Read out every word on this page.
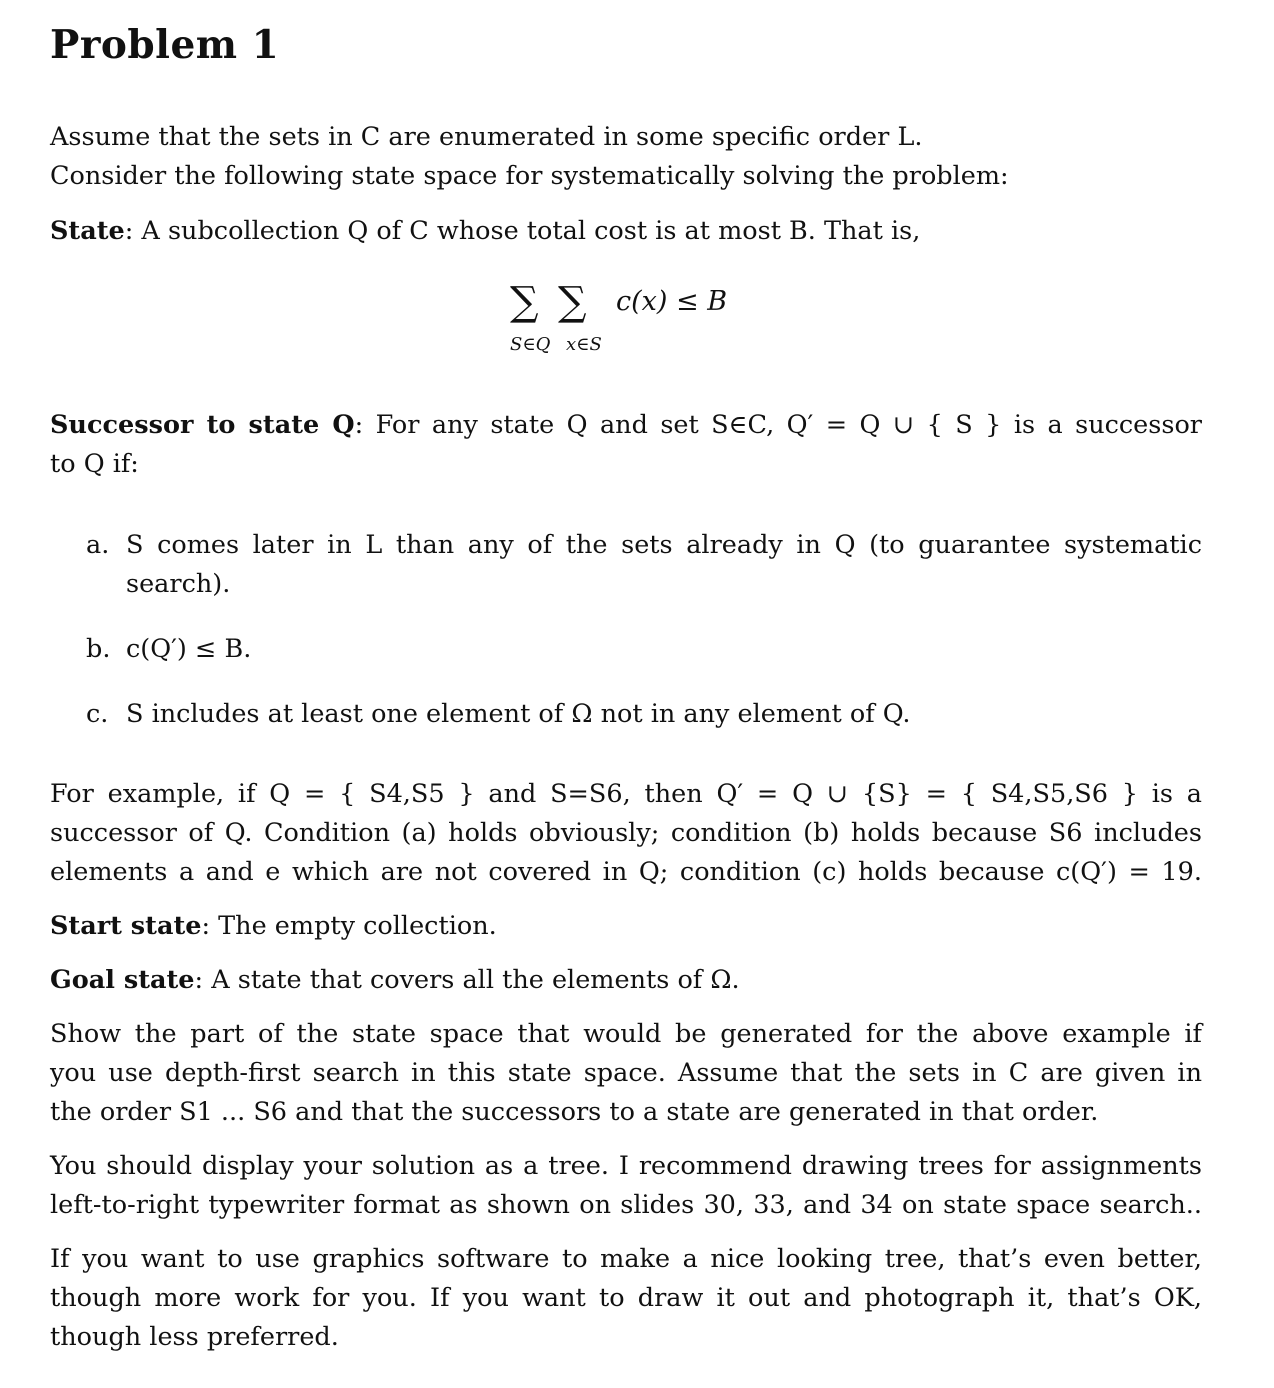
Problem 1
Assume that the sets in C are enumerated in some specific order L.
Consider the following state space for systematically solving the problem:
State: A subcollection Q of C whose total cost is at most B. That is,
∑ ∑
S∈Q x∈S
c(x) ≤ B
Successor to state Q: For any state Q and set S∈C, Q′ = Q ∪ { S } is a successor
to Q if:
a. S comes later in L than any of the sets already in Q (to guarantee systematic
search).
b. c(Q′) ≤ B.
c. S includes at least one element of Ω not in any element of Q.
For example, if Q = { S4,S5 } and S=S6, then Q′ = Q ∪ {S} = { S4,S5,S6 } is a
successor of Q. Condition (a) holds obviously; condition (b) holds because S6 includes
elements a and e which are not covered in Q; condition (c) holds because c(Q′) = 19.
Start state: The empty collection.
Goal state: A state that covers all the elements of Ω.
Show the part of the state space that would be generated for the above example if
you use depth-first search in this state space. Assume that the sets in C are given in
the order S1 ... S6 and that the successors to a state are generated in that order.
You should display your solution as a tree. I recommend drawing trees for assignments
left-to-right typewriter format as shown on slides 30, 33, and 34 on state space search..
If you want to use graphics software to make a nice looking tree, that’s even better,
though more work for you. If you want to draw it out and photograph it, that’s OK,
though less preferred.
